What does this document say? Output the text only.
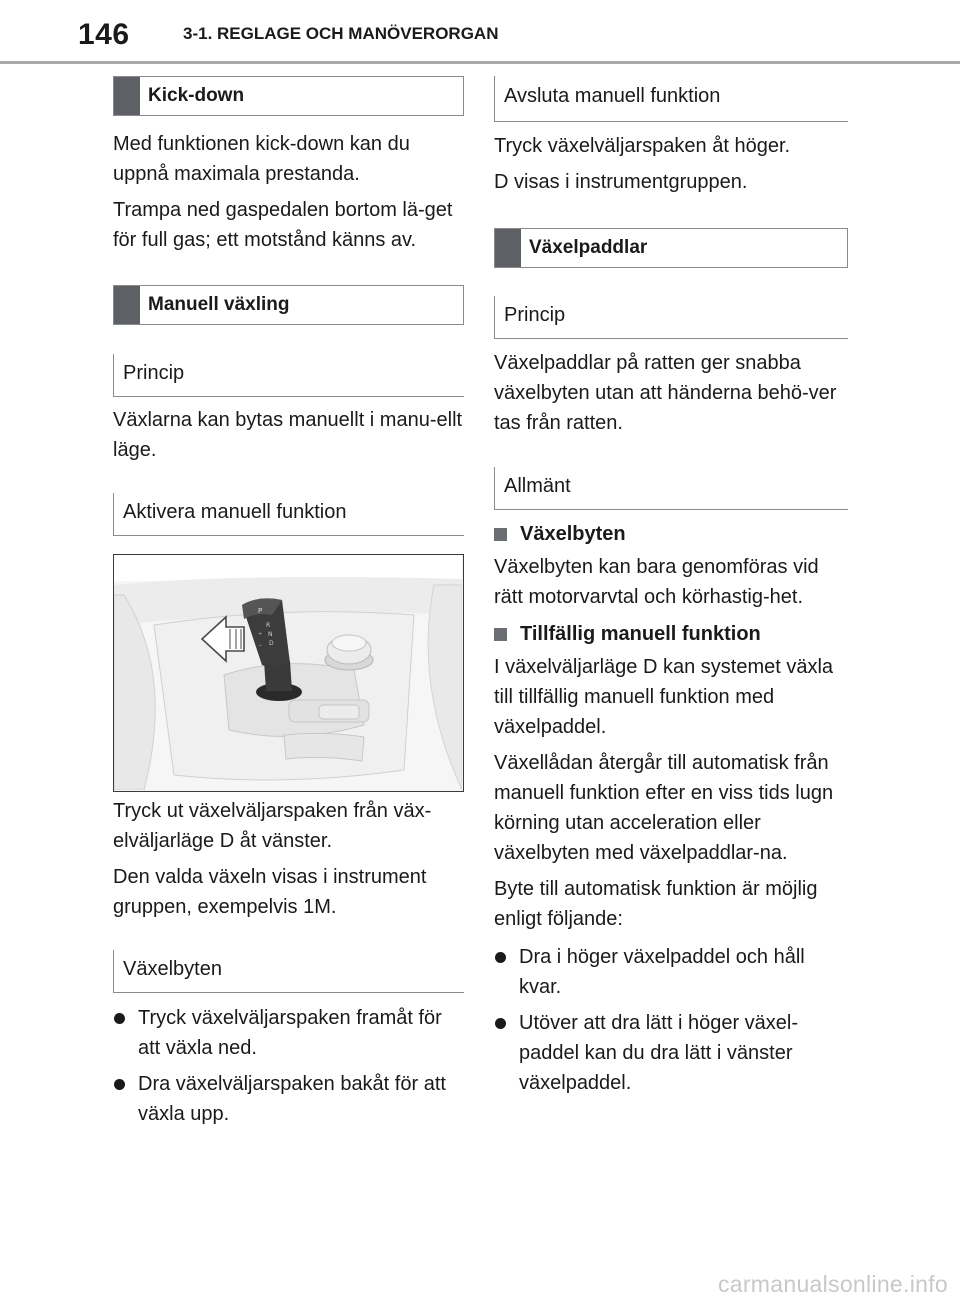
146	3-1. REGLAGE OCH MANÖVERORGAN
Kick-down

Med funktionen kick-down kan du uppnå maximala prestanda.

Trampa ned gaspedalen bortom lä-get för full gas; ett motstånd känns av.

Manuell växling
Princip

Växlarna kan bytas manuellt i manu-ellt läge.

Aktivera manuell funktion
P
R
N
D
+
−

Tryck ut växelväljarspaken från väx-elväljarläge D åt vänster.

Den valda växeln visas i instrument gruppen, exempelvis 1M.

Växelbyten
Tryck växelväljarspaken framåt för att växla ned.
Dra växelväljarspaken bakåt för att växla upp.
Avsluta manuell funktion

Tryck växelväljarspaken åt höger.

D visas i instrumentgruppen.

Växelpaddlar
Princip

Växelpaddlar på ratten ger snabba växelbyten utan att händerna behö-ver tas från ratten.

Allmänt
Växelbyten

Växelbyten kan bara genomföras vid rätt motorvarvtal och körhastig-het.

Tillfällig manuell funktion

I växelväljarläge D kan systemet växla till tillfällig manuell funktion med växelpaddel.

Växellådan återgår till automatisk från manuell funktion efter en viss tids lugn körning utan acceleration eller växelbyten med växelpaddlar-na.

Byte till automatisk funktion är möjlig enligt följande:

Dra i höger växelpaddel och håll kvar.
Utöver att dra lätt i höger växel-paddel kan du dra lätt i vänster växelpaddel.
carmanualsonline.info
